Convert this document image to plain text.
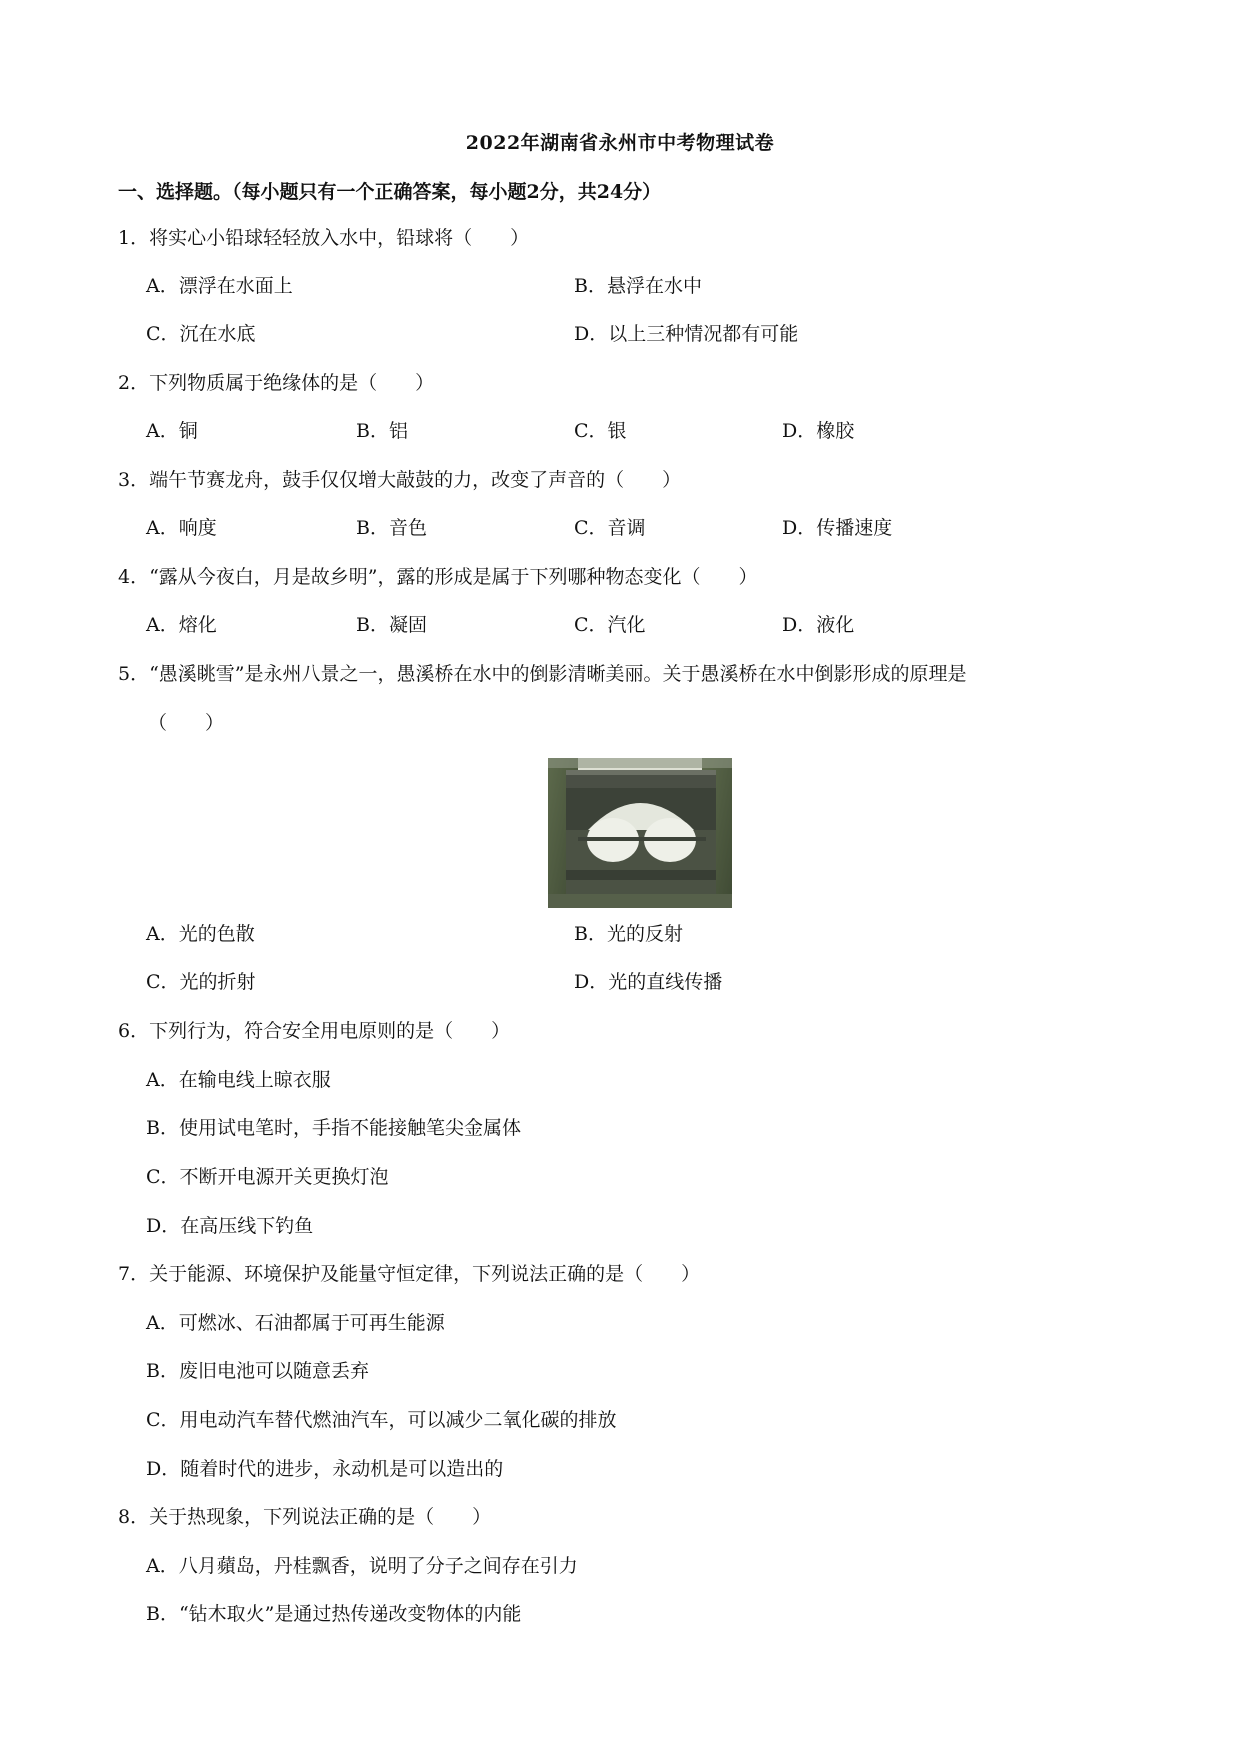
2022年湖南省永州市中考物理试卷
一、选择题。（每小题只有一个正确答案，每小题2分，共24分）
1．将实心小铅球轻轻放入水中，铅球将（　　）
A．漂浮在水面上	B．悬浮在水中
C．沉在水底	D．以上三种情况都有可能
2．下列物质属于绝缘体的是（　　）
A．铜	B．铝	C．银	D．橡胶
3．端午节赛龙舟，鼓手仅仅增大敲鼓的力，改变了声音的（　　）
A．响度	B．音色	C．音调	D．传播速度
4．“露从今夜白，月是故乡明”，露的形成是属于下列哪种物态变化（　　）
A．熔化	B．凝固	C．汽化	D．液化
5．“愚溪眺雪”是永州八景之一，愚溪桥在水中的倒影清晰美丽。关于愚溪桥在水中倒影形成的原理是
（　　）
A．光的色散	B．光的反射
C．光的折射	D．光的直线传播
6．下列行为，符合安全用电原则的是（　　）
A．在输电线上晾衣服
B．使用试电笔时，手指不能接触笔尖金属体
C．不断开电源开关更换灯泡
D．在高压线下钓鱼
7．关于能源、环境保护及能量守恒定律，下列说法正确的是（　　）
A．可燃冰、石油都属于可再生能源
B．废旧电池可以随意丢弃
C．用电动汽车替代燃油汽车，可以减少二氧化碳的排放
D．随着时代的进步，永动机是可以造出的
8．关于热现象，下列说法正确的是（　　）
A．八月蘋岛，丹桂飘香，说明了分子之间存在引力
B．“钻木取火”是通过热传递改变物体的内能
